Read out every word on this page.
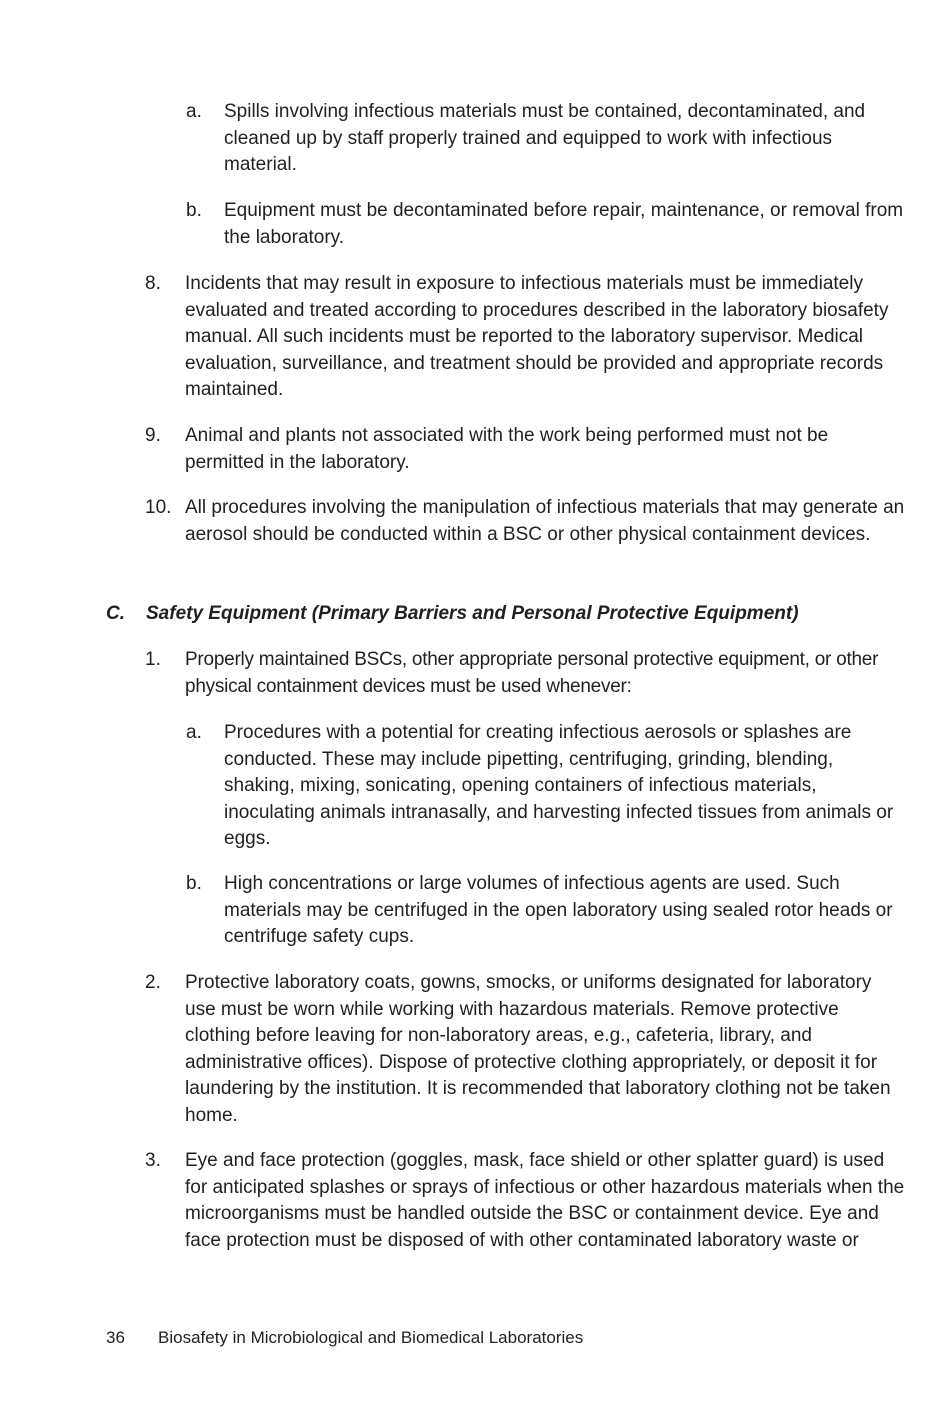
a. Spills involving infectious materials must be contained, decontaminated, and cleaned up by staff properly trained and equipped to work with infectious material.

b. Equipment must be decontaminated before repair, maintenance, or removal from the laboratory.

8. Incidents that may result in exposure to infectious materials must be immediately evaluated and treated according to procedures described in the laboratory biosafety manual. All such incidents must be reported to the laboratory supervisor. Medical evaluation, surveillance, and treatment should be provided and appropriate records maintained.

9. Animal and plants not associated with the work being performed must not be permitted in the laboratory.

10. All procedures involving the manipulation of infectious materials that may generate an aerosol should be conducted within a BSC or other physical containment devices.

C. Safety Equipment (Primary Barriers and Personal Protective Equipment)

1. Properly maintained BSCs, other appropriate personal protective equipment, or other physical containment devices must be used whenever:

a. Procedures with a potential for creating infectious aerosols or splashes are conducted. These may include pipetting, centrifuging, grinding, blending, shaking, mixing, sonicating, opening containers of infectious materials, inoculating animals intranasally, and harvesting infected tissues from animals or eggs.

b. High concentrations or large volumes of infectious agents are used. Such materials may be centrifuged in the open laboratory using sealed rotor heads or centrifuge safety cups.

2. Protective laboratory coats, gowns, smocks, or uniforms designated for laboratory use must be worn while working with hazardous materials. Remove protective clothing before leaving for non-laboratory areas, e.g., cafeteria, library, and administrative offices). Dispose of protective clothing appropriately, or deposit it for laundering by the institution. It is recommended that laboratory clothing not be taken home.

3. Eye and face protection (goggles, mask, face shield or other splatter guard) is used for anticipated splashes or sprays of infectious or other hazardous materials when the microorganisms must be handled outside the BSC or containment device. Eye and face protection must be disposed of with other contaminated laboratory waste or

36 Biosafety in Microbiological and Biomedical Laboratories
